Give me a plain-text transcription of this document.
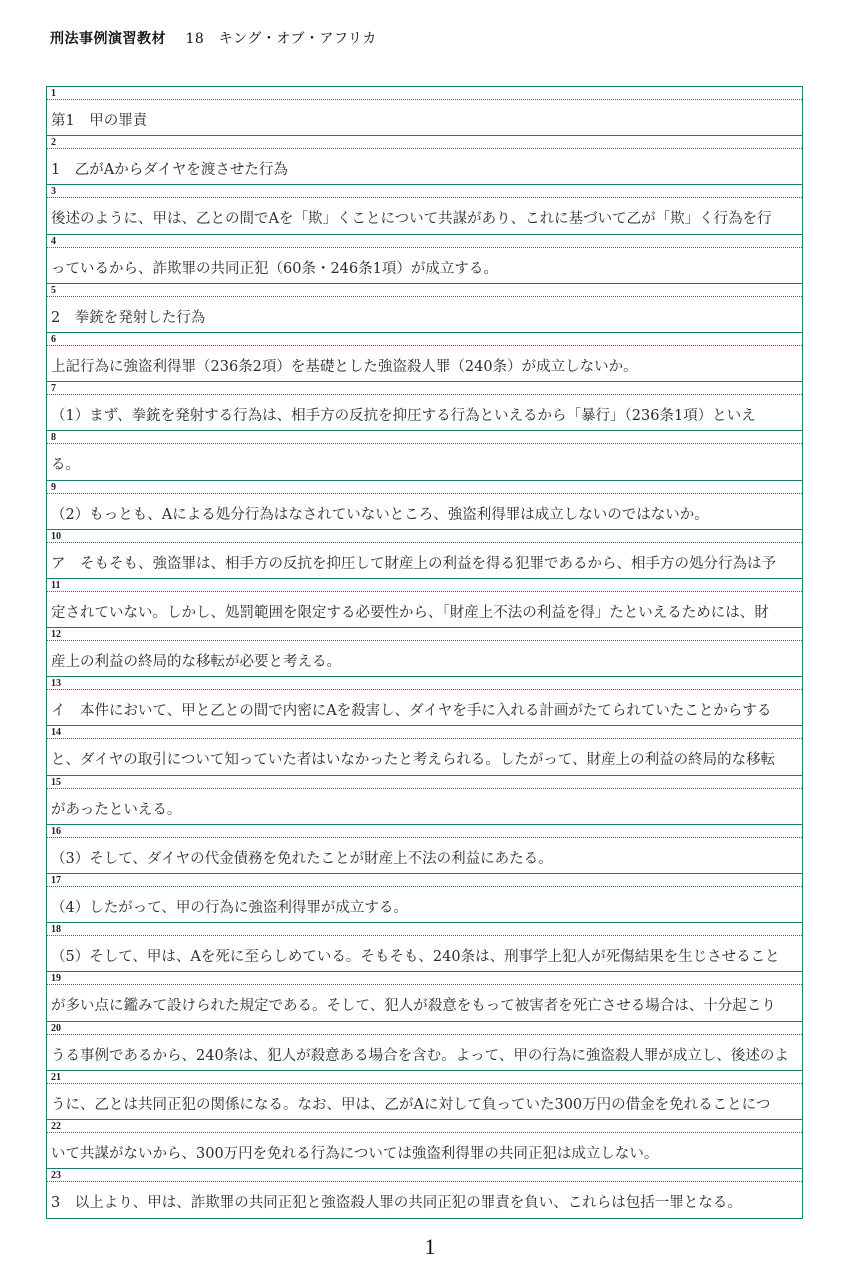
刑法事例演習教材　 18　 キング・オブ・アフリカ
1
第1　甲の罪責
2
1　乙がAからダイヤを渡させた行為
3
後述のように、甲は、乙との間でAを「欺」くことについて共謀があり、これに基づいて乙が「欺」く行為を行
4
っているから、詐欺罪の共同正犯（60条・246条1項）が成立する。
5
2　拳銃を発射した行為
6
上記行為に強盗利得罪（236条2項）を基礎とした強盗殺人罪（240条）が成立しないか。
7
（1）まず、拳銃を発射する行為は、相手方の反抗を抑圧する行為といえるから「暴行」（236条1項）といえ
8
る。
9
（2）もっとも、Aによる処分行為はなされていないところ、強盗利得罪は成立しないのではないか。
10
ア　そもそも、強盗罪は、相手方の反抗を抑圧して財産上の利益を得る犯罪であるから、相手方の処分行為は予
11
定されていない。しかし、処罰範囲を限定する必要性から、「財産上不法の利益を得」たといえるためには、財
12
産上の利益の終局的な移転が必要と考える。
13
イ　本件において、甲と乙との間で内密にAを殺害し、ダイヤを手に入れる計画がたてられていたことからする
14
と、ダイヤの取引について知っていた者はいなかったと考えられる。したがって、財産上の利益の終局的な移転
15
があったといえる。
16
（3）そして、ダイヤの代金債務を免れたことが財産上不法の利益にあたる。
17
（4）したがって、甲の行為に強盗利得罪が成立する。
18
（5）そして、甲は、Aを死に至らしめている。そもそも、240条は、刑事学上犯人が死傷結果を生じさせること
19
が多い点に鑑みて設けられた規定である。そして、犯人が殺意をもって被害者を死亡させる場合は、十分起こり
20
うる事例であるから、240条は、犯人が殺意ある場合を含む。よって、甲の行為に強盗殺人罪が成立し、後述のよ
21
うに、乙とは共同正犯の関係になる。なお、甲は、乙がAに対して負っていた300万円の借金を免れることにつ
22
いて共謀がないから、300万円を免れる行為については強盗利得罪の共同正犯は成立しない。
23
3　以上より、甲は、詐欺罪の共同正犯と強盗殺人罪の共同正犯の罪責を負い、これらは包括一罪となる。
1
